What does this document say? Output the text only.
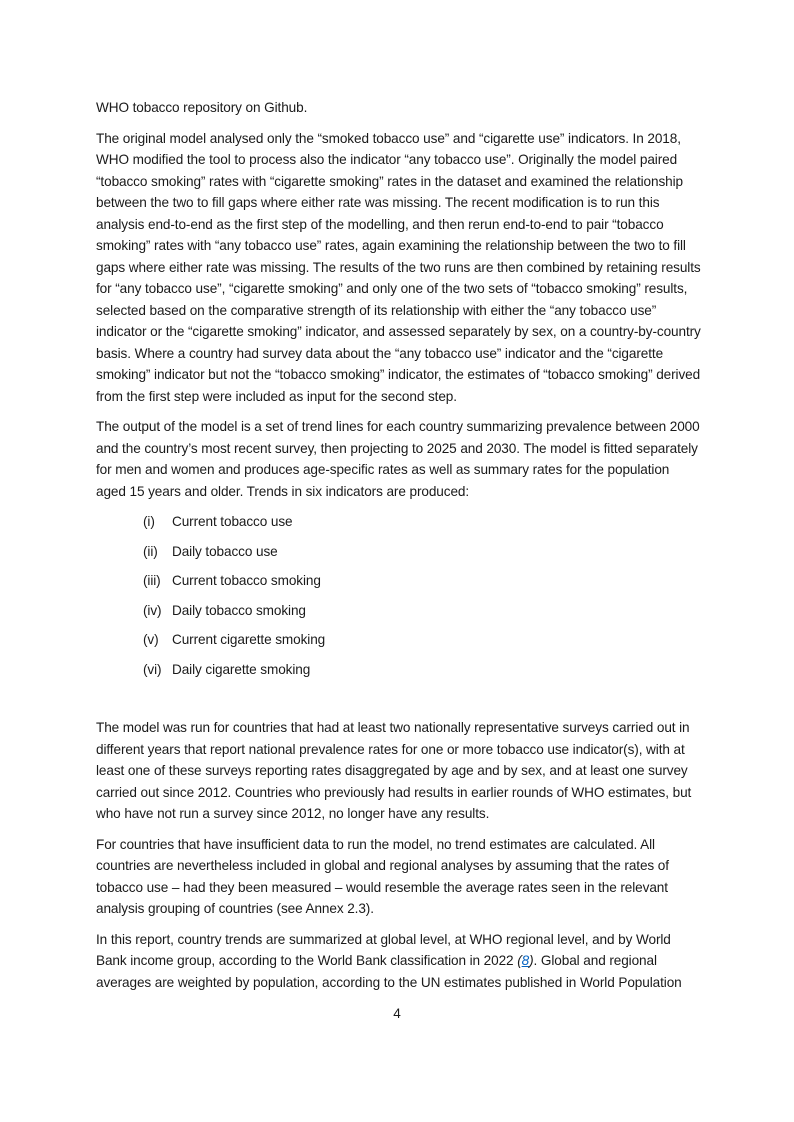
WHO tobacco repository on Github.

The original model analysed only the “smoked tobacco use” and “cigarette use” indicators. In 2018, WHO modified the tool to process also the indicator “any tobacco use”. Originally the model paired “tobacco smoking” rates with “cigarette smoking” rates in the dataset and examined the relationship between the two to fill gaps where either rate was missing. The recent modification is to run this analysis end-to-end as the first step of the modelling, and then rerun end-to-end to pair “tobacco smoking” rates with “any tobacco use” rates, again examining the relationship between the two to fill gaps where either rate was missing. The results of the two runs are then combined by retaining results for “any tobacco use”, “cigarette smoking” and only one of the two sets of “tobacco smoking” results, selected based on the comparative strength of its relationship with either the “any tobacco use” indicator or the “cigarette smoking” indicator, and assessed separately by sex, on a country-by-country basis. Where a country had survey data about the “any tobacco use” indicator and the “cigarette smoking” indicator but not the “tobacco smoking” indicator, the estimates of “tobacco smoking” derived from the first step were included as input for the second step.

The output of the model is a set of trend lines for each country summarizing prevalence between 2000 and the country’s most recent survey, then projecting to 2025 and 2030. The model is fitted separately for men and women and produces age-specific rates as well as summary rates for the population aged 15 years and older. Trends in six indicators are produced:

(i)	Current tobacco use
(ii)	Daily tobacco use
(iii) Current tobacco smoking
(iv) Daily tobacco smoking
(v) Current cigarette smoking
(vi) Daily cigarette smoking

The model was run for countries that had at least two nationally representative surveys carried out in different years that report national prevalence rates for one or more tobacco use indicator(s), with at least one of these surveys reporting rates disaggregated by age and by sex, and at least one survey carried out since 2012. Countries who previously had results in earlier rounds of WHO estimates, but who have not run a survey since 2012, no longer have any results.

For countries that have insufficient data to run the model, no trend estimates are calculated. All countries are nevertheless included in global and regional analyses by assuming that the rates of tobacco use – had they been measured – would resemble the average rates seen in the relevant analysis grouping of countries (see Annex 2.3).

In this report, country trends are summarized at global level, at WHO regional level, and by World Bank income group, according to the World Bank classification in 2022 (8). Global and regional averages are weighted by population, according to the UN estimates published in World Population

4
